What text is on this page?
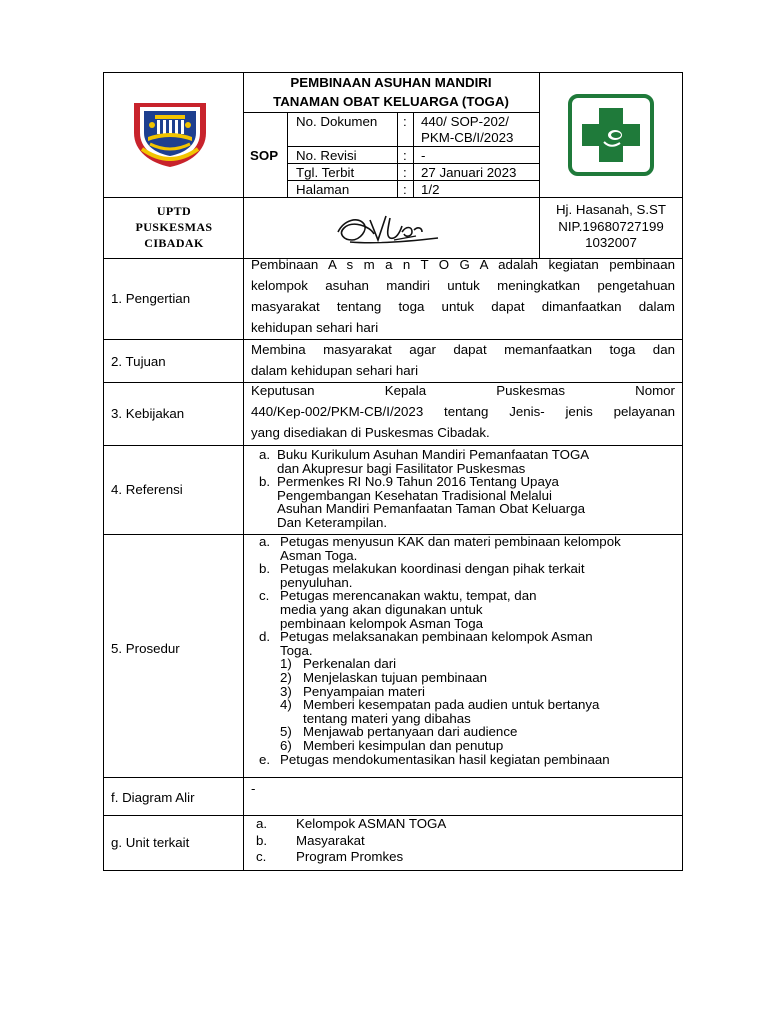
PEMBINAAN ASUHAN MANDIRI
TANAMAN OBAT KELUARGA (TOGA)
SOP
No. Dokumen : 440/ SOP-202/
PKM-CB/I/2023
No. Revisi	: -
Tgl. Terbit	: 27 Januari 2023
Halaman	: 1/2
UPTD
PUSKESMAS
CIBADAK
Hj. Hasanah, S.ST
NIP.19680727199
1032007
1. Pengertian
Pembinaan A s m a n T O G A adalah kegiatan pembinaan
kelompok asuhan mandiri untuk meningkatkan pengetahuan
masyarakat tentang toga untuk dapat dimanfaatkan dalam
kehidupan sehari hari
2. Tujuan
Membina masyarakat agar dapat memanfaatkan toga dan
dalam kehidupan sehari hari
3. Kebijakan
Keputusan Kepala Puskesmas Nomor
440/Kep-002/PKM-CB/I/2023 tentang Jenis- jenis pelayanan
yang disediakan di Puskesmas Cibadak.
4. Referensi
a. Buku Kurikulum Asuhan Mandiri Pemanfaatan TOGA
dan Akupresur bagi Fasilitator Puskesmas
b. Permenkes RI No.9 Tahun 2016 Tentang Upaya
Pengembangan Kesehatan Tradisional Melalui
Asuhan Mandiri Pemanfaatan Taman Obat Keluarga
Dan Keterampilan.
5. Prosedur
a. Petugas menyusun KAK dan materi pembinaan kelompok
Asman Toga.
b. Petugas melakukan koordinasi dengan pihak terkait
penyuluhan.
c. Petugas merencanakan waktu, tempat, dan
media yang akan digunakan untuk
pembinaan kelompok Asman Toga
d. Petugas melaksanakan pembinaan kelompok Asman
Toga.
1) Perkenalan dari
2) Menjelaskan tujuan pembinaan
3) Penyampaian materi
4) Memberi kesempatan pada audien untuk bertanya
tentang materi yang dibahas
5) Menjawab pertanyaan dari audience
6) Memberi kesimpulan dan penutup
e. Petugas mendokumentasikan hasil kegiatan pembinaan
f. Diagram Alir
-
g. Unit terkait
a. Kelompok ASMAN TOGA
b. Masyarakat
c. Program Promkes
